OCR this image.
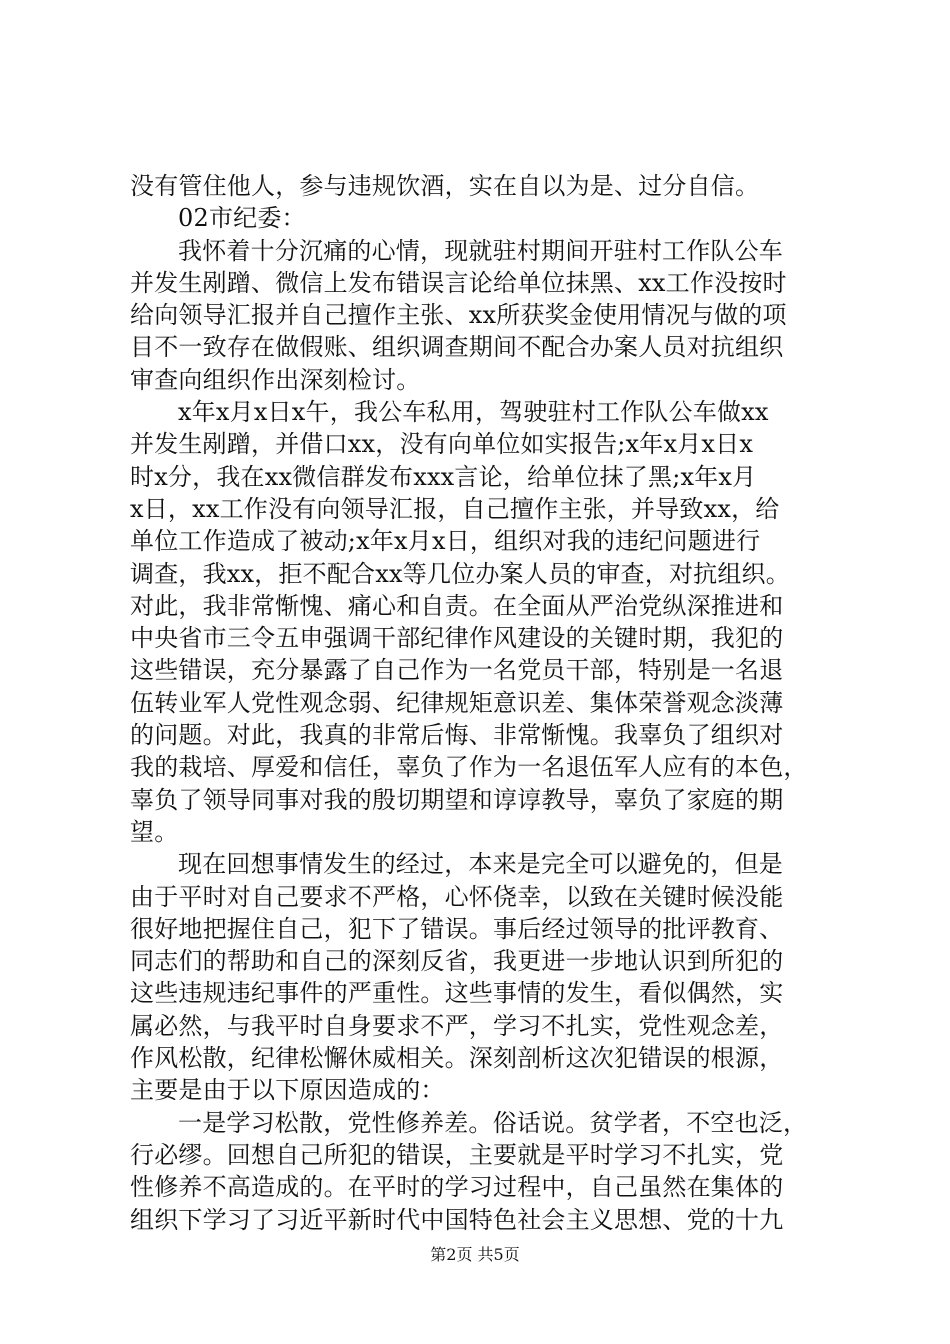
没有管住他人，参与违规饮酒，实在自以为是、过分自信。
02市纪委：
我怀着十分沉痛的心情，现就驻村期间开驻村工作队公车
并发生剐蹭、微信上发布错误言论给单位抹黑、xx工作没按时
给向领导汇报并自己擅作主张、xx所获奖金使用情况与做的项
目不一致存在做假账、组织调查期间不配合办案人员对抗组织
审查向组织作出深刻检讨。
x年x月x日x午，我公车私用，驾驶驻村工作队公车做xx
并发生剐蹭，并借口xx，没有向单位如实报告;x年x月x日x
时x分，我在xx微信群发布xxx言论，给单位抹了黑;x年x月
x日，xx工作没有向领导汇报，自己擅作主张，并导致xx，给
单位工作造成了被动;x年x月x日，组织对我的违纪问题进行
调查，我xx，拒不配合xx等几位办案人员的审查，对抗组织。
对此，我非常惭愧、痛心和自责。在全面从严治党纵深推进和
中央省市三令五申强调干部纪律作风建设的关键时期，我犯的
这些错误，充分暴露了自己作为一名党员干部，特别是一名退
伍转业军人党性观念弱、纪律规矩意识差、集体荣誉观念淡薄
的问题。对此，我真的非常后悔、非常惭愧。我辜负了组织对
我的栽培、厚爱和信任，辜负了作为一名退伍军人应有的本色，
辜负了领导同事对我的殷切期望和谆谆教导，辜负了家庭的期
望。
现在回想事情发生的经过，本来是完全可以避免的，但是
由于平时对自己要求不严格，心怀侥幸，以致在关键时候没能
很好地把握住自己，犯下了错误。事后经过领导的批评教育、
同志们的帮助和自己的深刻反省，我更进一步地认识到所犯的
这些违规违纪事件的严重性。这些事情的发生，看似偶然，实
属必然，与我平时自身要求不严，学习不扎实，党性观念差，
作风松散，纪律松懈休威相关。深刻剖析这次犯错误的根源，
主要是由于以下原因造成的：
一是学习松散，党性修养差。俗话说。贫学者，不空也泛，
行必缪。回想自己所犯的错误，主要就是平时学习不扎实，党
性修养不高造成的。在平时的学习过程中，自己虽然在集体的
组织下学习了习近平新时代中国特色社会主义思想、党的十九
第2页 共5页
